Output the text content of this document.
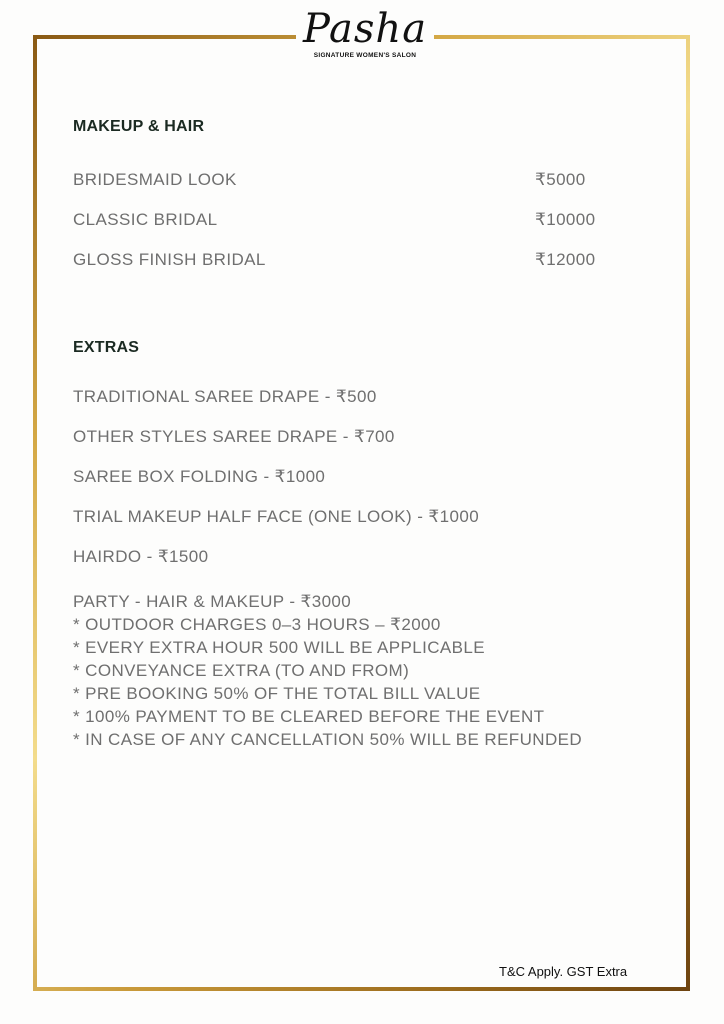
Pasha
SIGNATURE WOMEN'S SALON
MAKEUP & HAIR
BRIDESMAID LOOK	₹5000
CLASSIC BRIDAL	₹10000
GLOSS FINISH BRIDAL	₹12000
EXTRAS
TRADITIONAL SAREE DRAPE - ₹500
OTHER STYLES SAREE DRAPE - ₹700
SAREE BOX FOLDING - ₹1000
TRIAL MAKEUP HALF FACE (ONE LOOK) - ₹1000
HAIRDO - ₹1500
PARTY - HAIR & MAKEUP - ₹3000
* OUTDOOR CHARGES 0–3 HOURS – ₹2000
* EVERY EXTRA HOUR 500 WILL BE APPLICABLE
* CONVEYANCE EXTRA (TO AND FROM)
* PRE BOOKING 50% OF THE TOTAL BILL VALUE
* 100% PAYMENT TO BE CLEARED BEFORE THE EVENT
* IN CASE OF ANY CANCELLATION 50% WILL BE REFUNDED
T&C Apply. GST Extra
